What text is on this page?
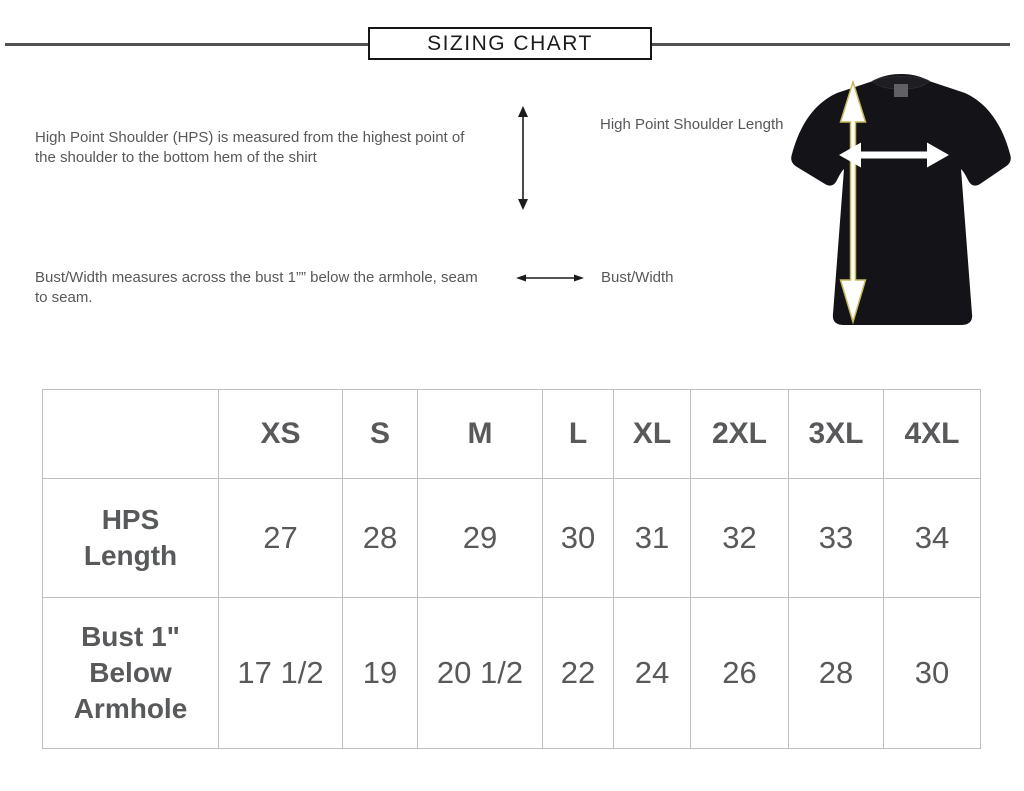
SIZING CHART

High Point Shoulder (HPS) is measured from the highest point of the shoulder to the bottom hem of the shirt

High Point Shoulder Length

Bust/Width measures across the bust 1”” below the armhole, seam to seam.

Bust/Width
	XS	S	M	L	XL	2XL	3XL	4XL
HPS Length	27	28	29	30	31	32	33	34
Bust 1" Below Armhole	17 1/2	19	20 1/2	22	24	26	28	30
